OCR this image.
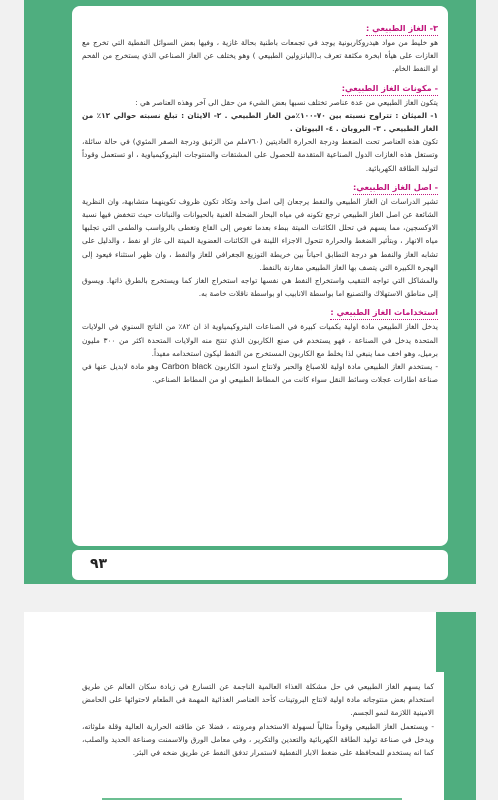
٣- الغاز الطبيعي :
هو خليط من مواد هيدروكاربونية يوجد في تجمعات باطنية بحالة غازية ، وفيها بعض السوائل النفطية التي تخرج مع الغازات على هيأة ابخرة مكثفة تعرف بـ(البانزولين الطبيعي ) وهو يختلف عن الغاز الصناعي الذي يستخرج من الفحم او النفط الخام.
- مكونات الغاز الطبيعي:
يتكون الغاز الطبيعي من عدة عناصر تختلف نسبها بعض الشيء من حقل الى آخر وهذه العناصر هي :
١- الميثان : تتراوح نسبته بين ٧٠-١٠٠٪من الغاز الطبيعي . ٢- الايثان : تبلغ نسبته حوالي ١٢٪ من الغاز الطبيعي . ٣- البروبان . ٤- البيوتان .
تكون هذه العناصر تحت الضغط ودرجة الحرارة العاديتين (٧٦٠ملم من الزئبق ودرجة الصفر المئوي) في حالة سائلة، وتستغل هذه الغازات الدول الصناعية المتقدمة للحصول على المشتقات والمنتوجات البتروكيمياوية ، او تستعمل وقوداً لتوليد الطاقة الكهربائية.
- اصل الغاز الطبيعي:
تشير الدراسات ان الغاز الطبيعي والنفط يرجعان إلى اصل واحد وتكاد تكون ظروف تكوينهما متشابهة، وان النظرية الشائعة عن اصل الغاز الطبيعي ترجع تكونه في مياه البحار الضحلة الغنية بالحيوانات والنباتات حيث تنخفض فيها نسبة الاوكسجين، مما يسهم في تحلل الكائنات الميتة ببطء بعدما تغوص إلى القاع وتغطى بالرواسب والطمى التي تجلبها مياه الانهار ، وبتأثير الضغط والحرارة تتحول الاجزاء اللينة في الكائنات العضوية الميتة الى غاز او نفط ، والدليل على تشابه الغاز والنفط هو درجة التطابق احياناً بين خريطة التوزيع الجغرافي للغاز والنفط ، وان ظهر استثناء فيعود إلى الهجرة الكبيرة التي يتصف بها الغاز الطبيعي مقارنة بالنفط.
والمشاكل التي تواجه التنقيب واستخراج النفط هي نفسها تواجه استخراج الغاز كما ويستخرج بالطرق ذاتها. ويسوق إلى مناطق الاستهلاك والتصنيع اما بواسطة الانابيب او بواسطة ناقلات خاصة به.
استخدامات الغاز الطبيعي :
يدخل الغاز الطبيعي مادة اولية بكميات كبيرة في الصناعات البتروكيمياوية اذ ان ٨٢٪ من الناتج السنوي في الولايات المتحدة يدخل في الصناعة ، فهو يستخدم في صنع الكاربون الذي تنتج منه الولايات المتحدة اكثر من ٣٠٠ مليون برميل، وهو اخف مما ينبغي لذا يخلط مع الكاربون المستخرج من النفط ليكون استخدامه مفيداً.
- يستخدم الغاز الطبيعي مادة اولية للاصباغ والحبر ولانتاج اسود الكاربون Carbon black وهو مادة لابديل عنها في صناعة اطارات عجلات وسائط النقل سواء كانت من المطاط الطبيعي او من المطاط الصناعي.
٩٣
كما يسهم الغاز الطبيعي في حل مشكلة الغذاء العالمية الناجمة عن التسارع في زيادة سكان العالم عن طريق استخدام بعض منتوجاته مادة اولية لانتاج البروتينات كأحد العناصر الغذائية المهمة في الطعام لاحتوائها على الحامض الامينية اللازمة لنمو الجسم.
- ويستعمل الغاز الطبيعي وقوداً مثالياً لسهولة الاستخدام ومرونته ، فضلا عن طاقته الحرارية العالية وقلة ملوثاته، ويدخل في صناعة توليد الطاقة الكهربائية والتعدين والتكرير ، وفي معامل الورق والاسمنت وصناعة الحديد والصلب، كما انه يستخدم للمحافظة على ضغط الابار النفطية لاستمرار تدفق النفط عن طريق ضخه في البئر.
